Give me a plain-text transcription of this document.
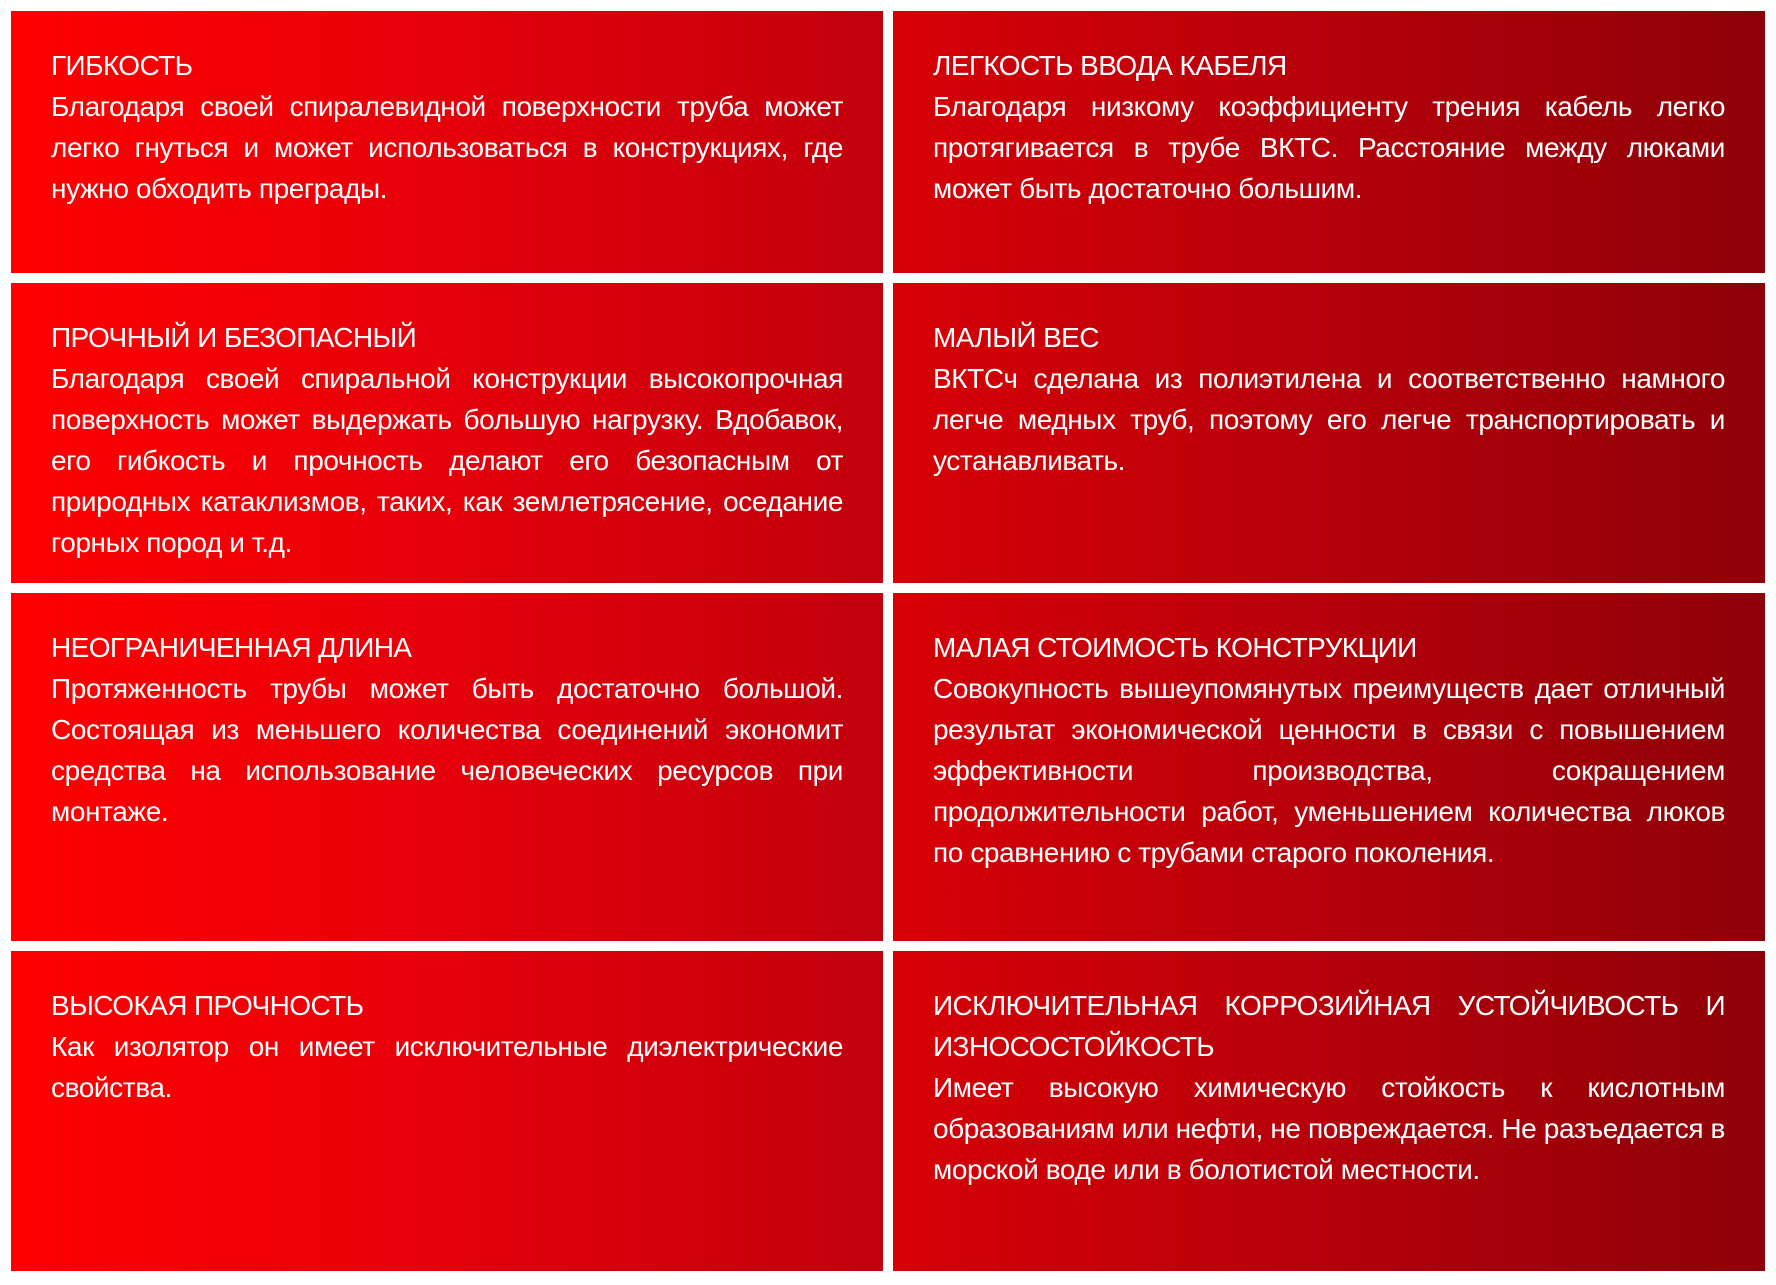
ГИБКОСТЬ

Благодаря своей спиралевидной поверхности труба может легко гнуться и может использоваться в конструкциях, где нужно обходить преграды.

ЛЕГКОСТЬ ВВОДА КАБЕЛЯ

Благодаря низкому коэффициенту трения кабель легко протягивается в трубе ВКТС. Расстояние между люками может быть достаточно большим.

ПРОЧНЫЙ И БЕЗОПАСНЫЙ

Благодаря своей спиральной конструкции высокопрочная поверхность может выдержать большую нагрузку. Вдобавок, его гибкость и прочность делают его безопасным от природных катаклизмов, таких, как землетрясение, оседание горных пород и т.д.

МАЛЫЙ ВЕС

ВКТСч сделана из полиэтилена и соответственно намного легче медных труб, поэтому его легче транспортировать и устанавливать.

НЕОГРАНИЧЕННАЯ ДЛИНА

Протяженность трубы может быть достаточно большой. Состоящая из меньшего количества соединений экономит средства на использование человеческих ресурсов при монтаже.

МАЛАЯ СТОИМОСТЬ КОНСТРУКЦИИ

Совокупность вышеупомянутых преимуществ дает отличный результат экономической ценности в связи с повышением эффективности производства, сокращением продолжительности работ, уменьшением количества люков по сравнению с трубами старого поколения.

ВЫСОКАЯ ПРОЧНОСТЬ

Как изолятор он имеет исключительные диэлектрические свойства.

ИСКЛЮЧИТЕЛЬНАЯ КОРРОЗИЙНАЯ УСТОЙЧИВОСТЬ И ИЗНОСОСТОЙКОСТЬ

Имеет высокую химическую стойкость к кислотным образованиям или нефти, не повреждается. Не разъедается в морской воде или в болотистой местности.
